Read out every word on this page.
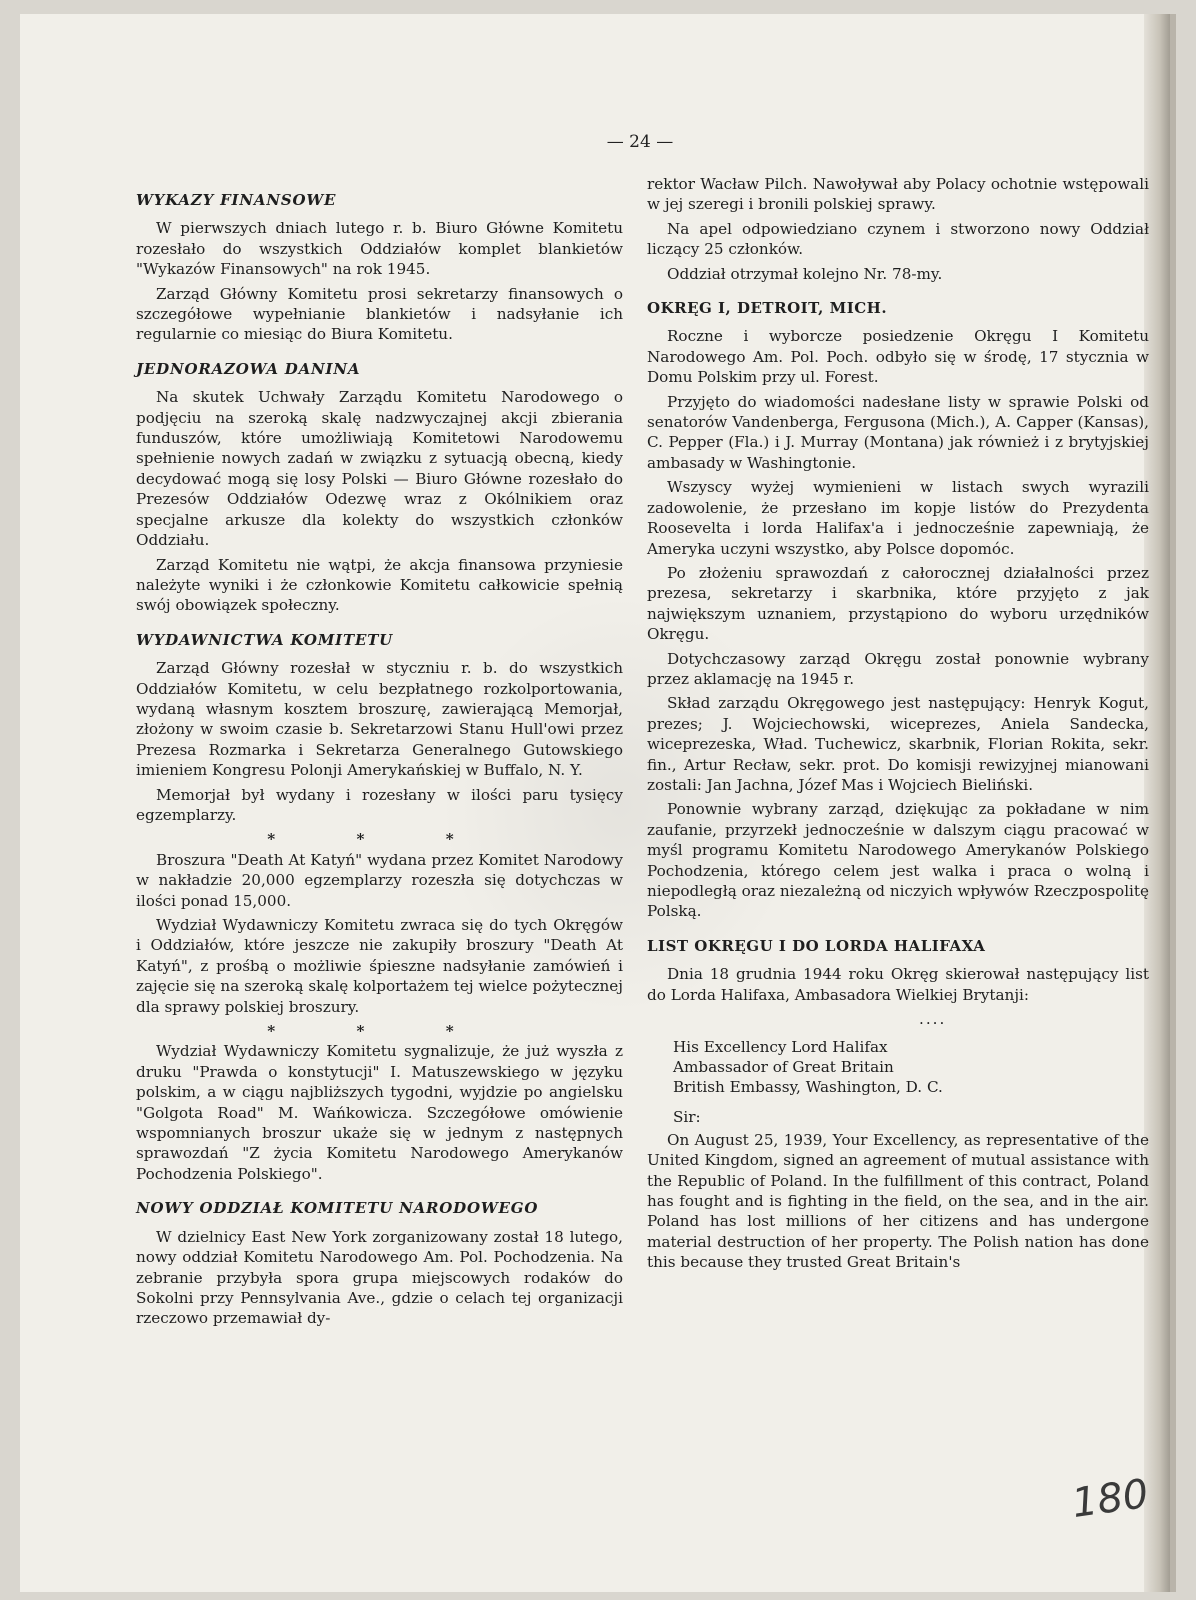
— 24 —
WYKAZY FINANSOWE

W pierwszych dniach lutego r. b. Biuro Główne Komitetu rozesłało do wszystkich Oddziałów komplet blankietów "Wykazów Finansowych" na rok 1945.

Zarząd Główny Komitetu prosi sekretarzy finansowych o szczegółowe wypełnianie blankietów i nadsyłanie ich regularnie co miesiąc do Biura Komitetu.

JEDNORAZOWA DANINA

Na skutek Uchwały Zarządu Komitetu Narodowego o podjęciu na szeroką skalę nadzwyczajnej akcji zbierania funduszów, które umożliwiają Komitetowi Narodowemu spełnienie nowych zadań w związku z sytuacją obecną, kiedy decydować mogą się losy Polski — Biuro Główne rozesłało do Prezesów Oddziałów Odezwę wraz z Okólnikiem oraz specjalne arkusze dla kolekty do wszystkich członków Oddziału.

Zarząd Komitetu nie wątpi, że akcja finansowa przyniesie należyte wyniki i że członkowie Komitetu całkowicie spełnią swój obowiązek społeczny.

WYDAWNICTWA KOMITETU

Zarząd Główny rozesłał w styczniu r. b. do wszystkich Oddziałów Komitetu, w celu bezpłatnego rozkolportowania, wydaną własnym kosztem broszurę, zawierającą Memorjał, złożony w swoim czasie b. Sekretarzowi Stanu Hull'owi przez Prezesa Rozmarka i Sekretarza Generalnego Gutowskiego imieniem Kongresu Polonji Amerykańskiej w Buffalo, N. Y.

Memorjał był wydany i rozesłany w ilości paru tysięcy egzemplarzy.

* * *

Broszura "Death At Katyń" wydana przez Komitet Narodowy w nakładzie 20,000 egzemplarzy rozeszła się dotychczas w ilości ponad 15,000.

Wydział Wydawniczy Komitetu zwraca się do tych Okręgów i Oddziałów, które jeszcze nie zakupiły broszury "Death At Katyń", z prośbą o możliwie śpieszne nadsyłanie zamówień i zajęcie się na szeroką skalę kolportażem tej wielce pożytecznej dla sprawy polskiej broszury.

* * *

Wydział Wydawniczy Komitetu sygnalizuje, że już wyszła z druku "Prawda o konstytucji" I. Matuszewskiego w języku polskim, a w ciągu najbliższych tygodni, wyjdzie po angielsku "Golgota Road" M. Wańkowicza. Szczegółowe omówienie wspomnianych broszur ukaże się w jednym z następnych sprawozdań "Z życia Komitetu Narodowego Amerykanów Pochodzenia Polskiego".

NOWY ODDZIAŁ KOMITETU NARODOWEGO

W dzielnicy East New York zorganizowany został 18 lutego, nowy oddział Komitetu Narodowego Am. Pol. Pochodzenia. Na zebranie przybyła spora grupa miejscowych rodaków do Sokolni przy Pennsylvania Ave., gdzie o celach tej organizacji rzeczowo przemawiał dy-

rektor Wacław Pilch. Nawoływał aby Polacy ochotnie wstępowali w jej szeregi i bronili polskiej sprawy.

Na apel odpowiedziano czynem i stworzono nowy Oddział liczący 25 członków.

Oddział otrzymał kolejno Nr. 78-my.

OKRĘG I, DETROIT, MICH.

Roczne i wyborcze posiedzenie Okręgu I Komitetu Narodowego Am. Pol. Poch. odbyło się w środę, 17 stycznia w Domu Polskim przy ul. Forest.

Przyjęto do wiadomości nadesłane listy w sprawie Polski od senatorów Vandenberga, Fergusona (Mich.), A. Capper (Kansas), C. Pepper (Fla.) i J. Murray (Montana) jak również i z brytyjskiej ambasady w Washingtonie.

Wszyscy wyżej wymienieni w listach swych wyrazili zadowolenie, że przesłano im kopje listów do Prezydenta Roosevelta i lorda Halifax'a i jednocześnie zapewniają, że Ameryka uczyni wszystko, aby Polsce dopomóc.

Po złożeniu sprawozdań z całorocznej działalności przez prezesa, sekretarzy i skarbnika, które przyjęto z jak największym uznaniem, przystąpiono do wyboru urzędników Okręgu.

Dotychczasowy zarząd Okręgu został ponownie wybrany przez aklamację na 1945 r.

Skład zarządu Okręgowego jest następujący: Henryk Kogut, prezes; J. Wojciechowski, wiceprezes, Aniela Sandecka, wiceprezeska, Wład. Tuchewicz, skarbnik, Florian Rokita, sekr. fin., Artur Recław, sekr. prot. Do komisji rewizyjnej mianowani zostali: Jan Jachna, Józef Mas i Wojciech Bieliński.

Ponownie wybrany zarząd, dziękując za pokładane w nim zaufanie, przyrzekł jednocześnie w dalszym ciągu pracować w myśl programu Komitetu Narodowego Amerykanów Polskiego Pochodzenia, którego celem jest walka i praca o wolną i niepodległą oraz niezależną od niczyich wpływów Rzeczpospolitę Polską.

LIST OKRĘGU I DO LORDA HALIFAXA

Dnia 18 grudnia 1944 roku Okręg skierował następujący list do Lorda Halifaxa, Ambasadora Wielkiej Brytanji:

....
His Excellency Lord Halifax
Ambassador of Great Britain
British Embassy, Washington, D. C.
Sir:

On August 25, 1939, Your Excellency, as representative of the United Kingdom, signed an agreement of mutual assistance with the Republic of Poland. In the fulfillment of this contract, Poland has fought and is fighting in the field, on the sea, and in the air. Poland has lost millions of her citizens and has undergone material destruction of her property. The Polish nation has done this because they trusted Great Britain's

180
